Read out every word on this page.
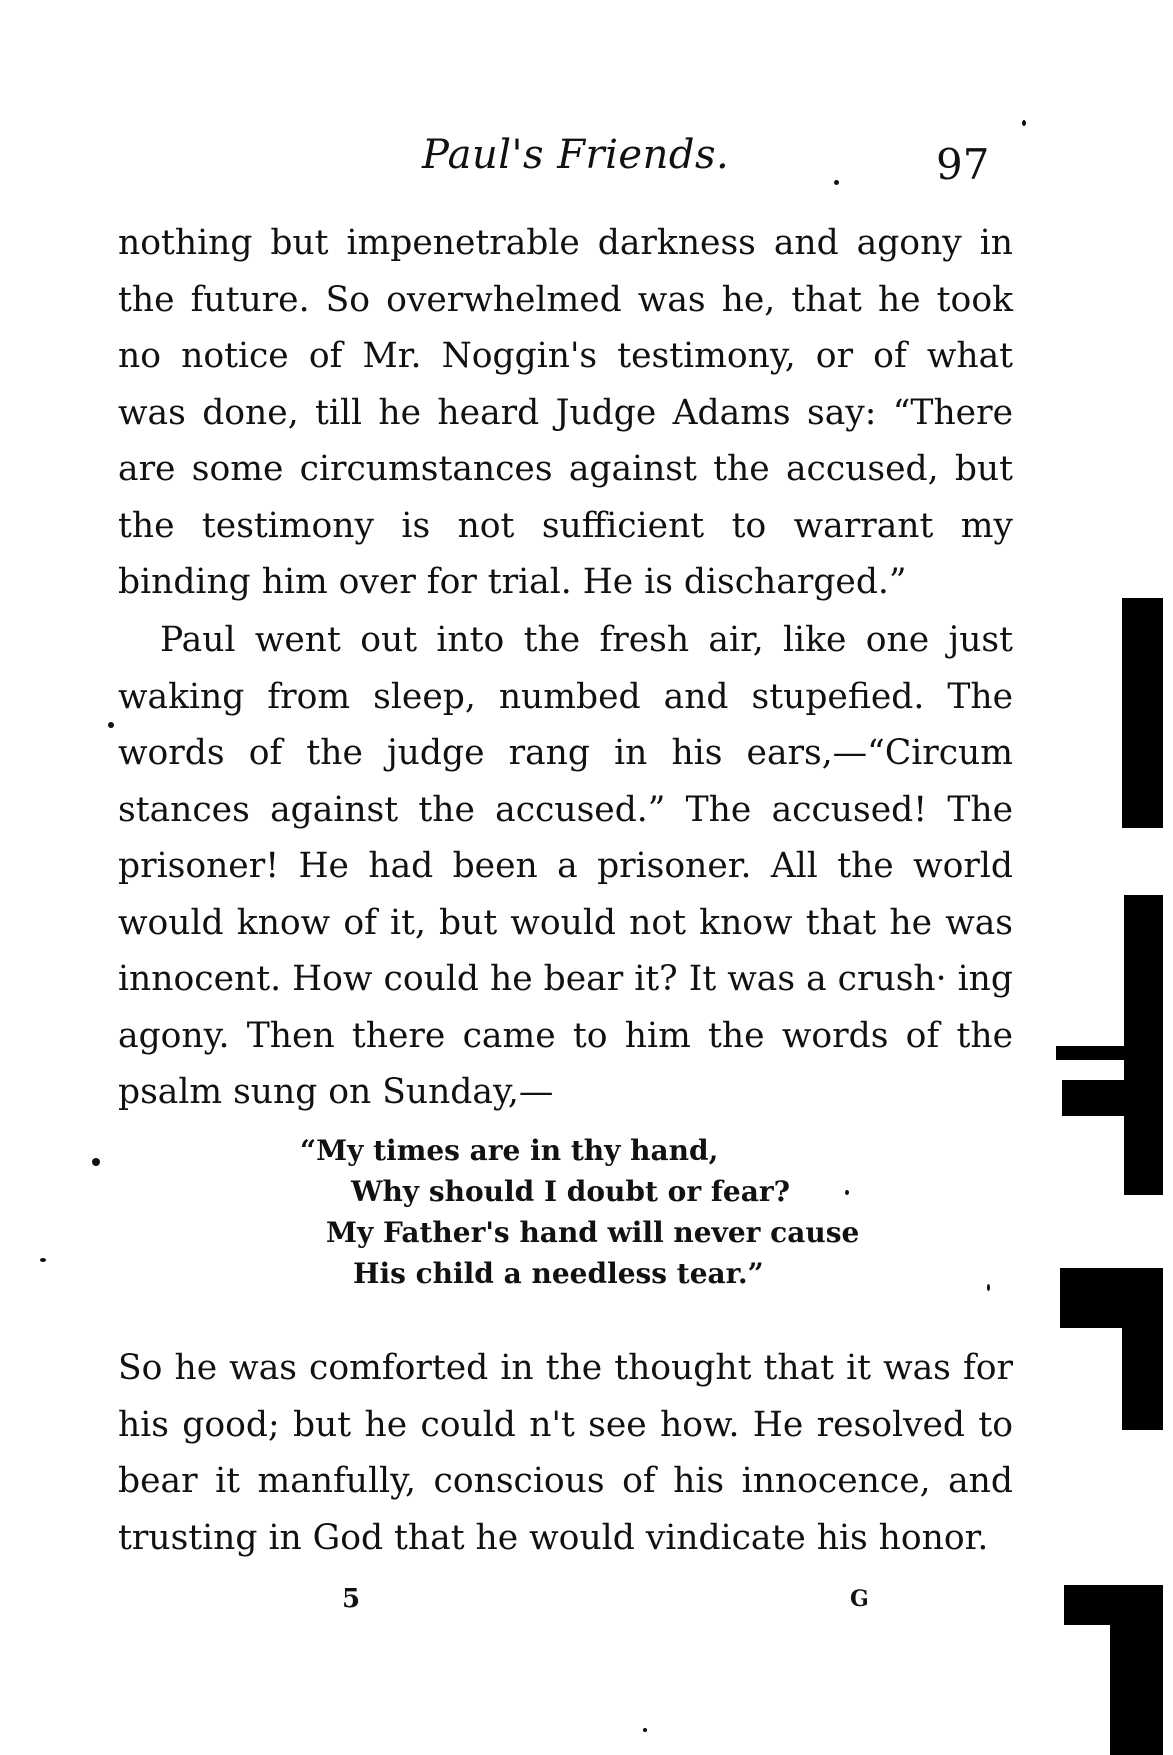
Paul's Friends.	97

nothing but impenetrable darkness and agony in the future. So overwhelmed was he, that he took no notice of Mr. Noggin's testimony, or of what was done, till he heard Judge Adams say: “There are some circumstances against the accused, but the testimony is not sufficient to warrant my binding him over for trial. He is discharged.”

Paul went out into the fresh air, like one just waking from sleep, numbed and stupefied. The words of the judge rang in his ears,—“Circum stances against the accused.” The accused! The prisoner! He had been a prisoner. All the world would know of it, but would not know that he was innocent. How could he bear it? It was a crush· ing agony. Then there came to him the words of the psalm sung on Sunday,—

“My times are in thy hand,
Why should I doubt or fear?
My Father's hand will never cause
His child a needless tear.”

So he was comforted in the thought that it was for his good; but he could n't see how. He resolved to bear it manfully, conscious of his innocence, and trusting in God that he would vindicate his honor.

5	G
